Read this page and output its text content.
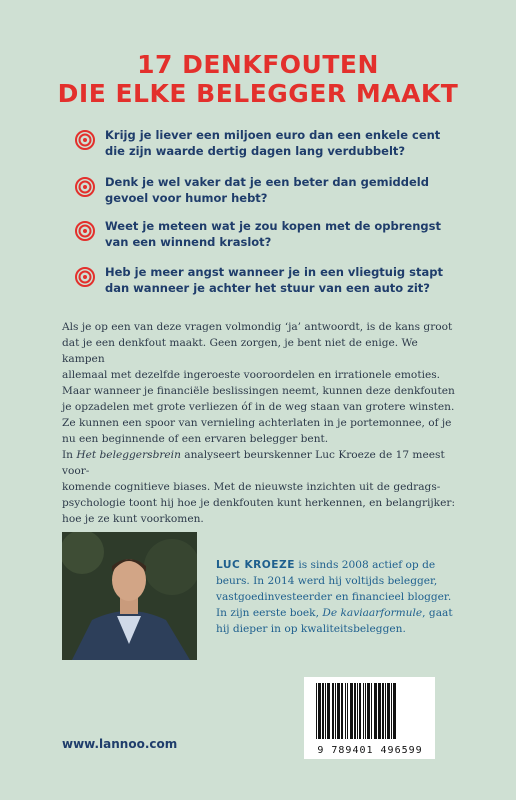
17 DENKFOUTEN
DIE ELKE BELEGGER MAAKT
Krijg je liever een miljoen euro dan een enkele cent
die zijn waarde dertig dagen lang verdubbelt?
Denk je wel vaker dat je een beter dan gemiddeld
gevoel voor humor hebt?
Weet je meteen wat je zou kopen met de opbrengst
van een winnend kraslot?
Heb je meer angst wanneer je in een vliegtuig stapt
dan wanneer je achter het stuur van een auto zit?
Als je op een van deze vragen volmondig ‘ja’ antwoordt, is de kans groot
dat je een denkfout maakt. Geen zorgen, je bent niet de enige. We kampen
allemaal met dezelfde ingeroeste vooroordelen en irrationele emoties.
Maar wanneer je financiële beslissingen neemt, kunnen deze denkfouten
je opzadelen met grote verliezen óf in de weg staan van grotere winsten.
Ze kunnen een spoor van vernieling achterlaten in je portemonnee, of je
nu een beginnende of een ervaren belegger bent.
In Het beleggersbrein analyseert beurskenner Luc Kroeze de 17 meest voor-
komende cognitieve biases. Met de nieuwste inzichten uit de gedrags-
psychologie toont hij hoe je denkfouten kunt herkennen, en belangrijker:
hoe je ze kunt voorkomen.
LUC KROEZE is sinds 2008 actief op de
beurs. In 2014 werd hij voltijds belegger,
vastgoedinvesteerder en financieel blogger.
In zijn eerste boek, De kaviaarformule, gaat
hij dieper in op kwaliteitsbeleggen.
www.lannoo.com	9 789401 496599
